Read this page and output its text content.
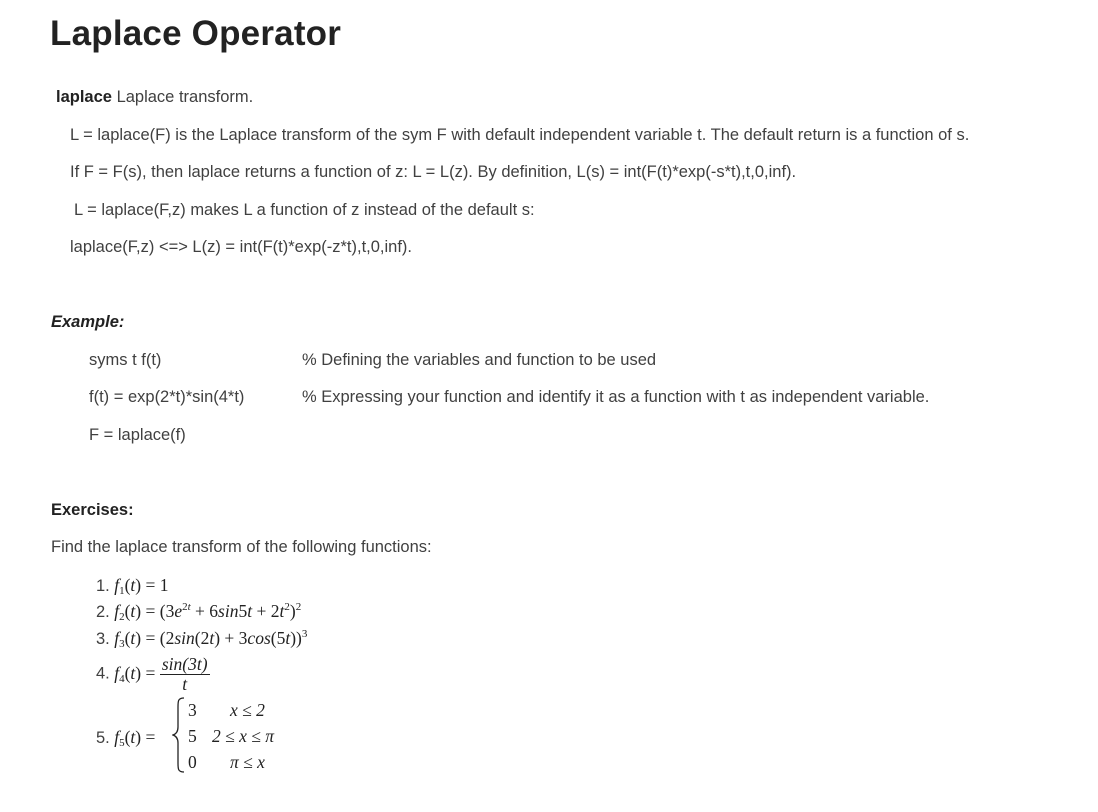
Laplace Operator
laplace Laplace transform.
L = laplace(F) is the Laplace transform of the sym F with default independent variable t. The default return is a function of s.
If F = F(s), then laplace returns a function of z: L = L(z). By definition, L(s) = int(F(t)*exp(-s*t),t,0,inf).
L = laplace(F,z) makes L a function of z instead of the default s:
laplace(F,z) <=> L(z) = int(F(t)*exp(-z*t),t,0,inf).
Example:
syms t f(t)	% Defining the variables and function to be used
f(t) = exp(2*t)*sin(4*t)	% Expressing your function and identify it as a function with t as independent variable.
F = laplace(f)
Exercises:
Find the laplace transform of the following functions:
1. $f_1(t) = 1$
2. $f_2(t) = (3e^{2t} + 6\sin 5t + 2t^2)^2$
3. $f_3(t) = (2\sin(2t) + 3\cos(5t))^3$
4. $f_4(t) = \frac{\sin(3t)}{t}$
5. $f_5(t)$ =
3 x ≤ 2
5 2 ≤ x ≤ π
0 π ≤ x
